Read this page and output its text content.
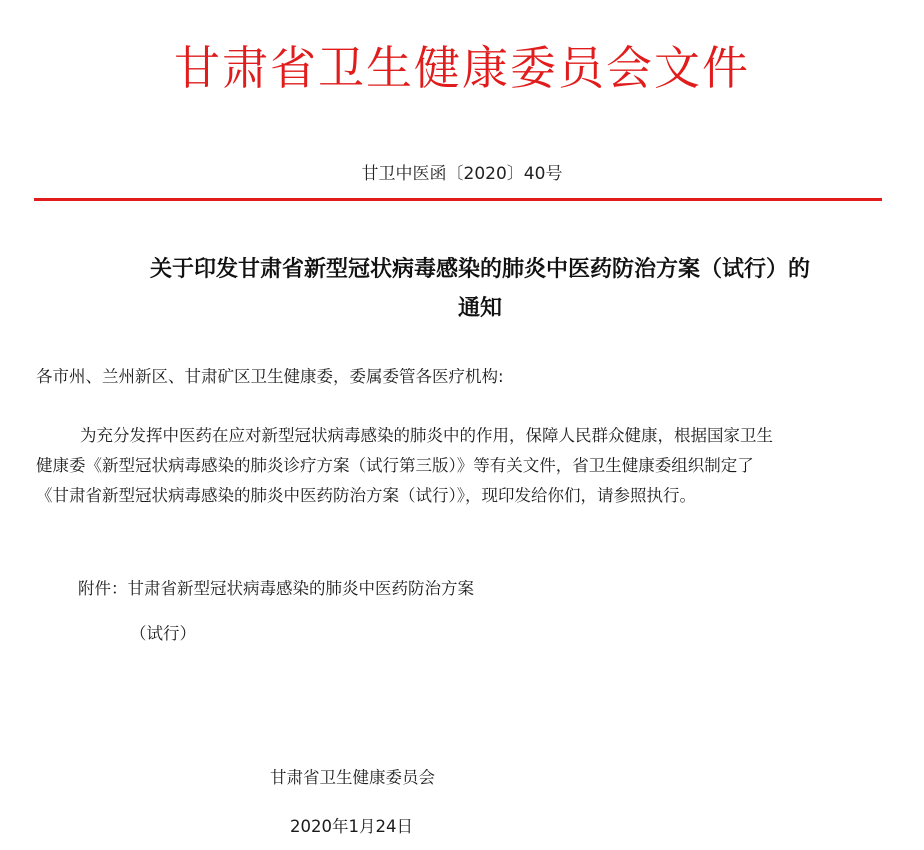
甘肃省卫生健康委员会文件
甘卫中医函〔2020〕40号
关于印发甘肃省新型冠状病毒感染的肺炎中医药防治方案（试行）的
通知
各市州、兰州新区、甘肃矿区卫生健康委，委属委管各医疗机构:
为充分发挥中医药在应对新型冠状病毒感染的肺炎中的作用，保障人民群众健康，根据国家卫生
健康委《新型冠状病毒感染的肺炎诊疗方案（试行第三版）》等有关文件，省卫生健康委组织制定了
《甘肃省新型冠状病毒感染的肺炎中医药防治方案（试行）》，现印发给你们，请参照执行。
附件：甘肃省新型冠状病毒感染的肺炎中医药防治方案
（试行）
甘肃省卫生健康委员会
2020年1月24日
